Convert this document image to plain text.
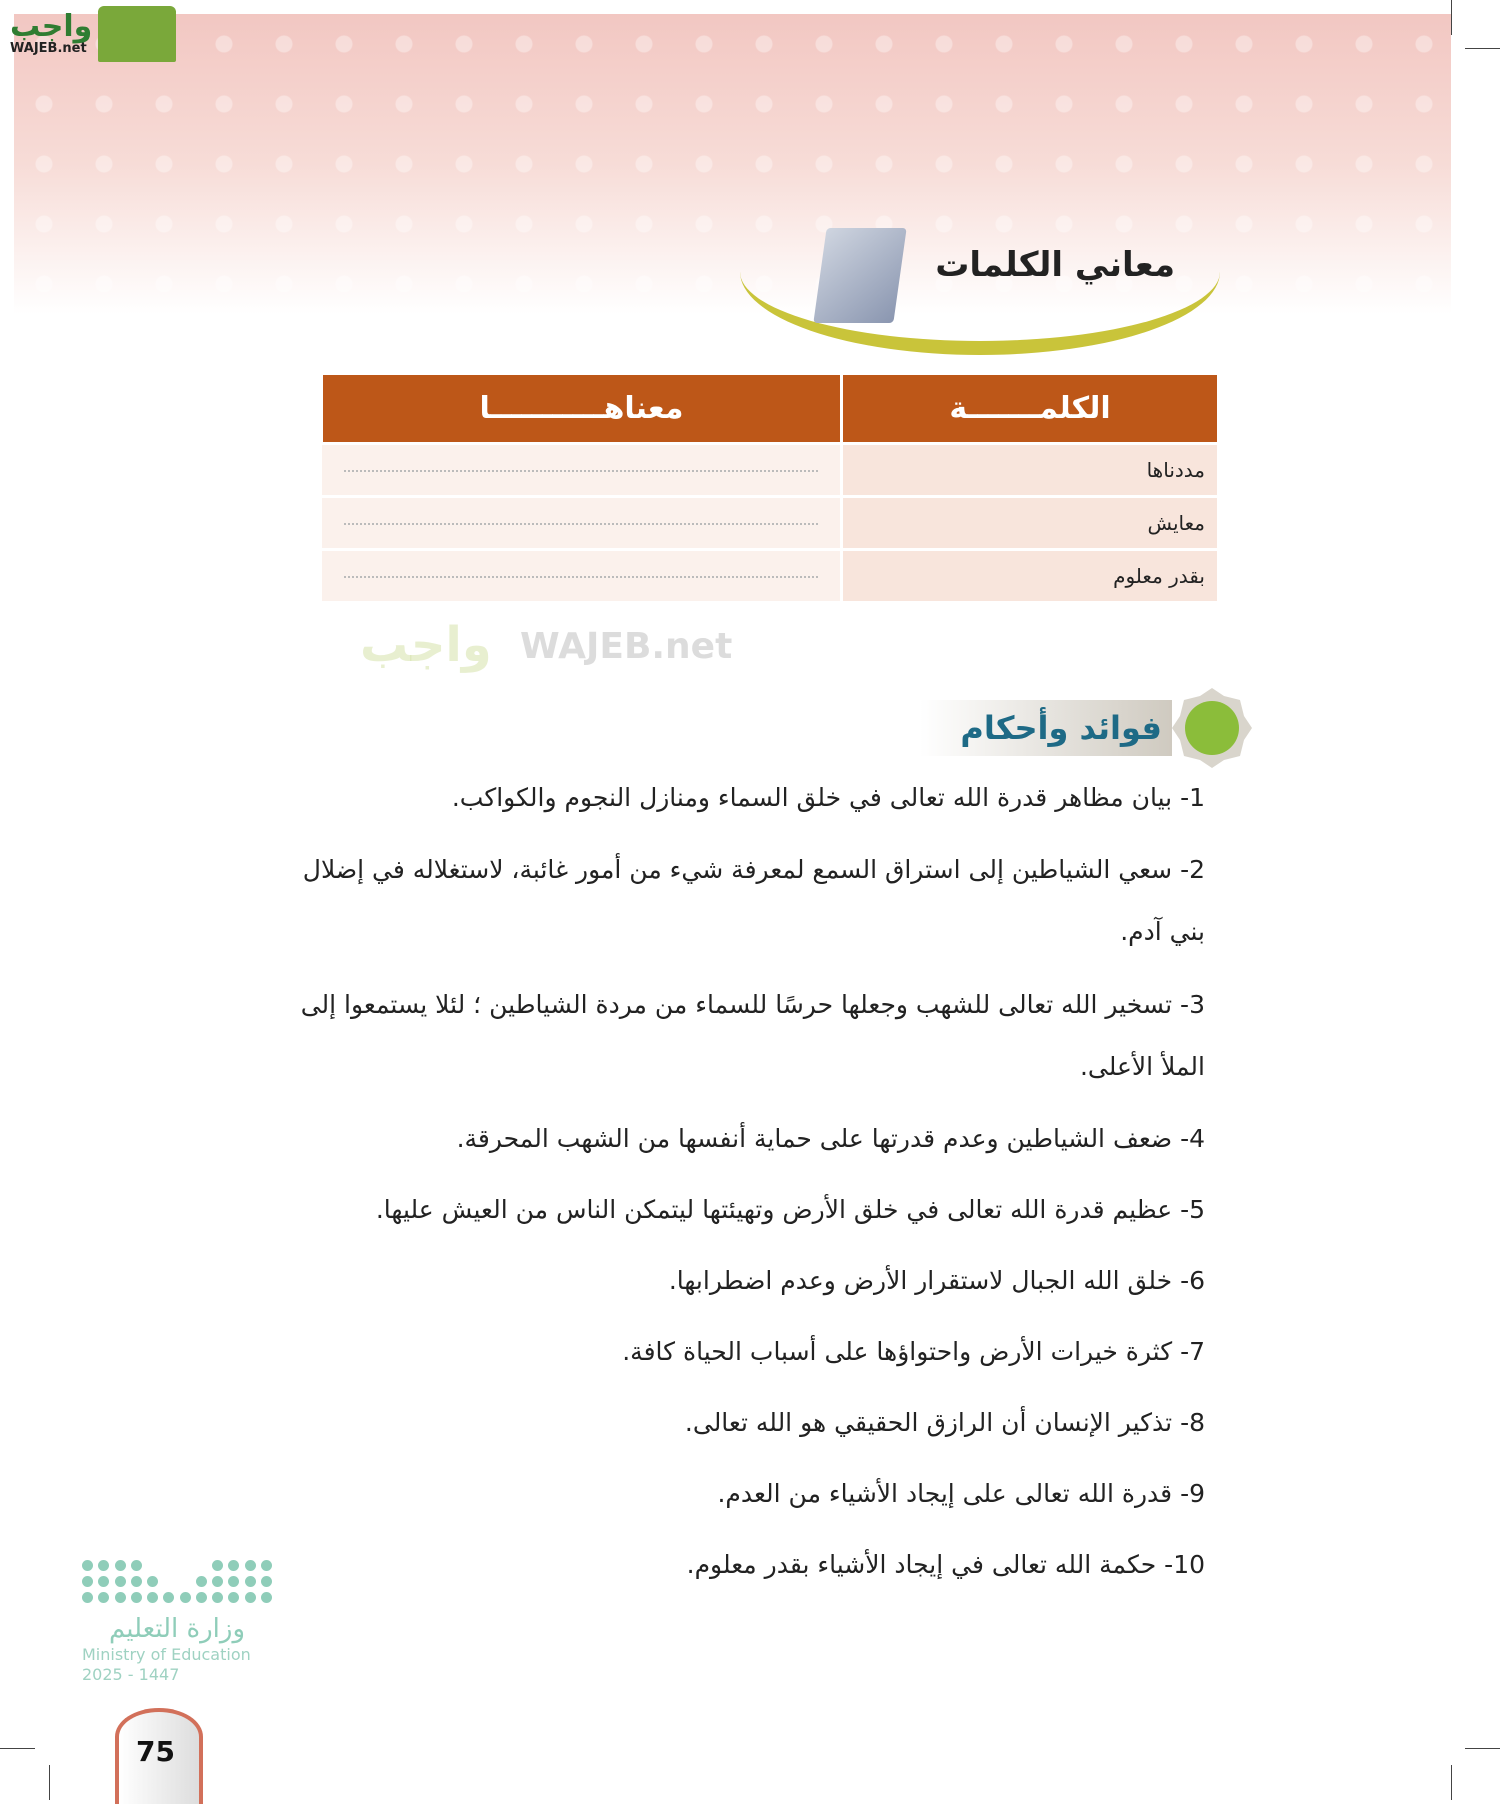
واجب
WAJEB.net
معاني الكلمات
الكلمـــــــة	معناهـــــــــــا
مددناها	

معايش	

بقدر معلوم	
فوائد وأحكام
واجب WAJEB.net

1- بيان مظاهر قدرة الله تعالى في خلق السماء ومنازل النجوم والكواكب.

2- سعي الشياطين إلى استراق السمع لمعرفة شيء من أمور غائبة، لاستغلاله في إضلال بني آدم.

3- تسخير الله تعالى للشهب وجعلها حرسًا للسماء من مردة الشياطين ؛ لئلا يستمعوا إلى الملأ الأعلى.

4- ضعف الشياطين وعدم قدرتها على حماية أنفسها من الشهب المحرقة.

5- عظيم قدرة الله تعالى في خلق الأرض وتهيئتها ليتمكن الناس من العيش عليها.

6- خلق الله الجبال لاستقرار الأرض وعدم اضطرابها.

7- كثرة خيرات الأرض واحتواؤها على أسباب الحياة كافة.

8- تذكير الإنسان أن الرازق الحقيقي هو الله تعالى.

9- قدرة الله تعالى على إيجاد الأشياء من العدم.

10- حكمة الله تعالى في إيجاد الأشياء بقدر معلوم.

وزارة التعليم
Ministry of Education
2025 - 1447
75
